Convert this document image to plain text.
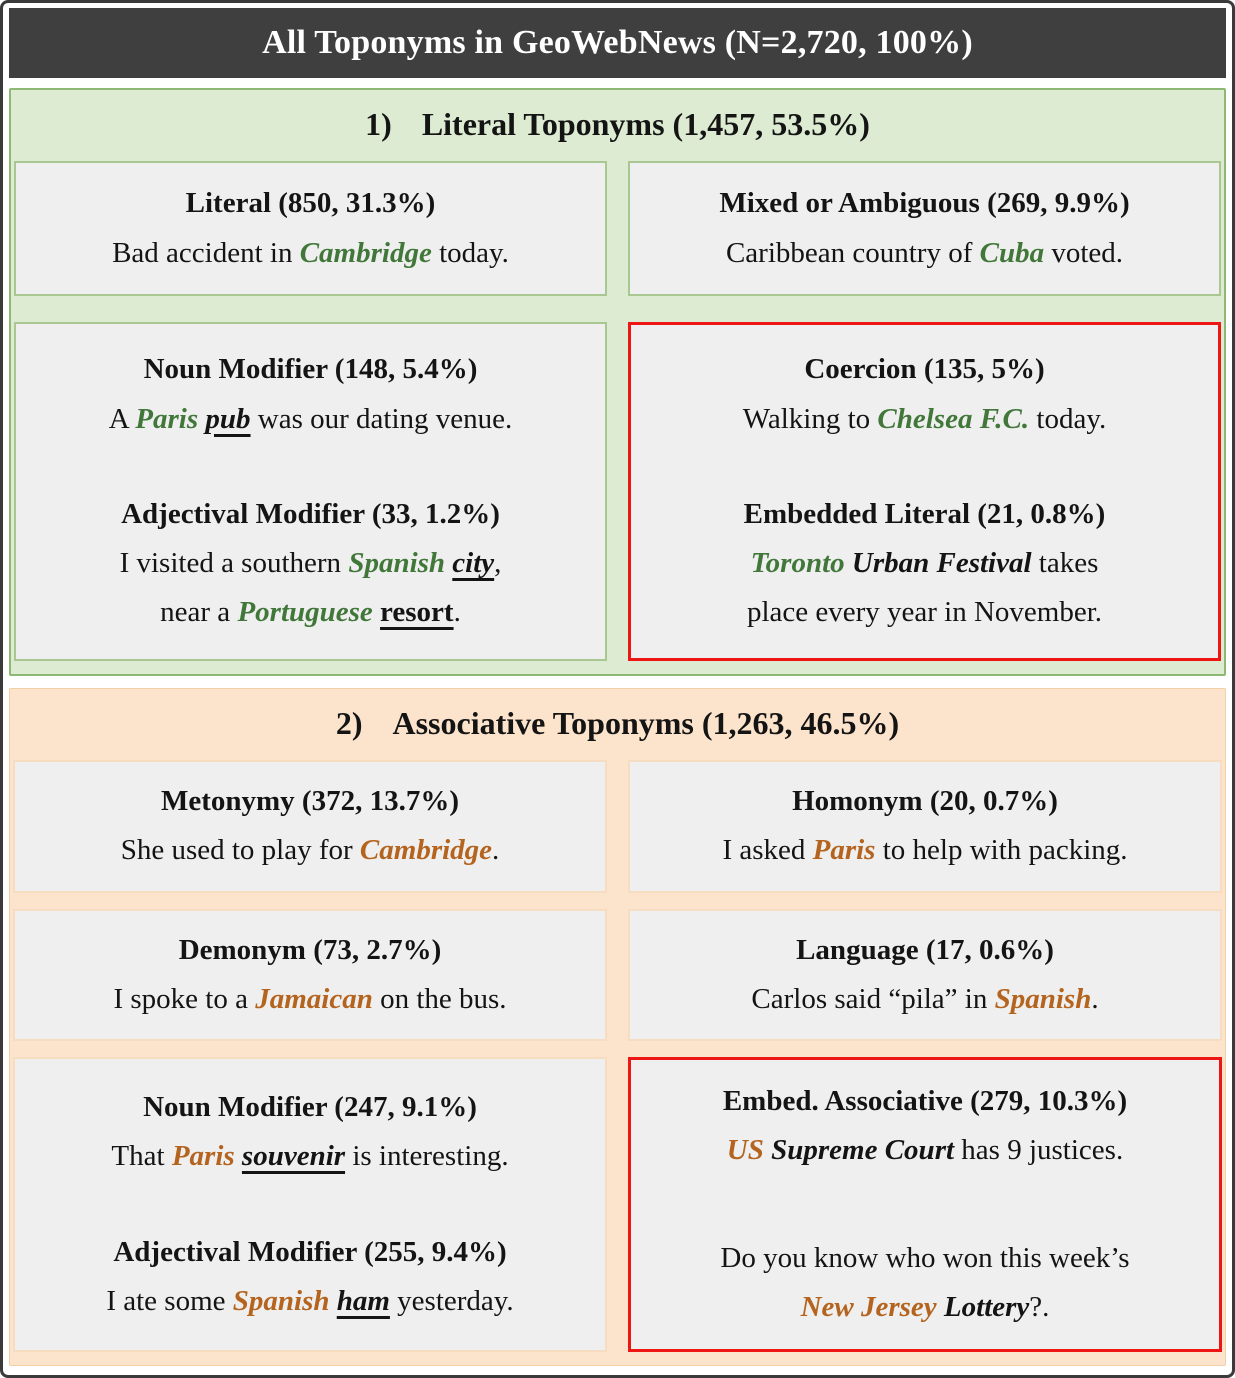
All Toponyms in GeoWebNews (N=2,720, 100%)
1) Literal Toponyms (1,457, 53.5%)
Literal (850, 31.3%)
Bad accident in Cambridge today.
Mixed or Ambiguous (269, 9.9%)
Caribbean country of Cuba voted.
Noun Modifier (148, 5.4%)
A Paris pub was our dating venue.
Adjectival Modifier (33, 1.2%)
I visited a southern Spanish city,
near a Portuguese resort.
Coercion (135, 5%)
Walking to Chelsea F.C. today.
Embedded Literal (21, 0.8%)
Toronto Urban Festival takes
place every year in November.
2) Associative Toponyms (1,263, 46.5%)
Metonymy (372, 13.7%)
She used to play for Cambridge.
Homonym (20, 0.7%)
I asked Paris to help with packing.
Demonym (73, 2.7%)
I spoke to a Jamaican on the bus.
Language (17, 0.6%)
Carlos said “pila” in Spanish.
Noun Modifier (247, 9.1%)
That Paris souvenir is interesting.
Adjectival Modifier (255, 9.4%)
I ate some Spanish ham yesterday.
Embed. Associative (279, 10.3%)
US Supreme Court has 9 justices.
Do you know who won this week’s
New Jersey Lottery?.
